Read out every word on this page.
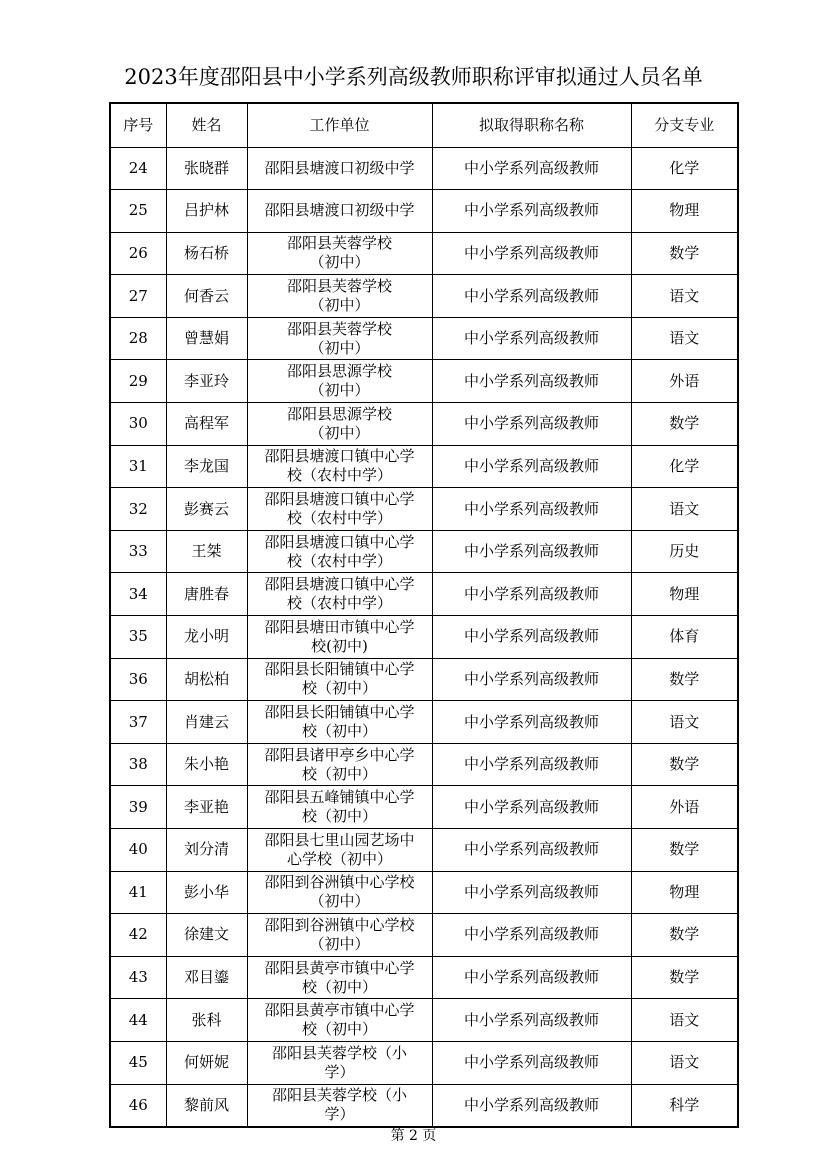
2023年度邵阳县中小学系列高级教师职称评审拟通过人员名单
序号	姓名	工作单位	拟取得职称名称	分支专业
24	张晓群	邵阳县塘渡口初级中学	中小学系列高级教师	化学
25	吕护林	邵阳县塘渡口初级中学	中小学系列高级教师	物理
26	杨石桥	邵阳县芙蓉学校
（初中）	中小学系列高级教师	数学
27	何香云	邵阳县芙蓉学校
（初中）	中小学系列高级教师	语文
28	曾慧娟	邵阳县芙蓉学校
（初中）	中小学系列高级教师	语文
29	李亚玲	邵阳县思源学校
（初中）	中小学系列高级教师	外语
30	高程军	邵阳县思源学校
（初中）	中小学系列高级教师	数学
31	李龙国	邵阳县塘渡口镇中心学
校（农村中学）	中小学系列高级教师	化学
32	彭赛云	邵阳县塘渡口镇中心学
校（农村中学）	中小学系列高级教师	语文
33	王桀	邵阳县塘渡口镇中心学
校（农村中学）	中小学系列高级教师	历史
34	唐胜春	邵阳县塘渡口镇中心学
校（农村中学）	中小学系列高级教师	物理
35	龙小明	邵阳县塘田市镇中心学
校(初中)	中小学系列高级教师	体育
36	胡松柏	邵阳县长阳铺镇中心学
校（初中）	中小学系列高级教师	数学
37	肖建云	邵阳县长阳铺镇中心学
校（初中）	中小学系列高级教师	语文
38	朱小艳	邵阳县诸甲亭乡中心学
校（初中）	中小学系列高级教师	数学
39	李亚艳	邵阳县五峰铺镇中心学
校（初中）	中小学系列高级教师	外语
40	刘分清	邵阳县七里山园艺场中
心学校（初中）	中小学系列高级教师	数学
41	彭小华	邵阳到谷洲镇中心学校
（初中）	中小学系列高级教师	物理
42	徐建文	邵阳到谷洲镇中心学校
（初中）	中小学系列高级教师	数学
43	邓目鎏	邵阳县黄亭市镇中心学
校（初中）	中小学系列高级教师	数学
44	张科	邵阳县黄亭市镇中心学
校（初中）	中小学系列高级教师	语文
45	何妍妮	邵阳县芙蓉学校（小
学）	中小学系列高级教师	语文
46	黎前风	邵阳县芙蓉学校（小
学）	中小学系列高级教师	科学
第 2 页
